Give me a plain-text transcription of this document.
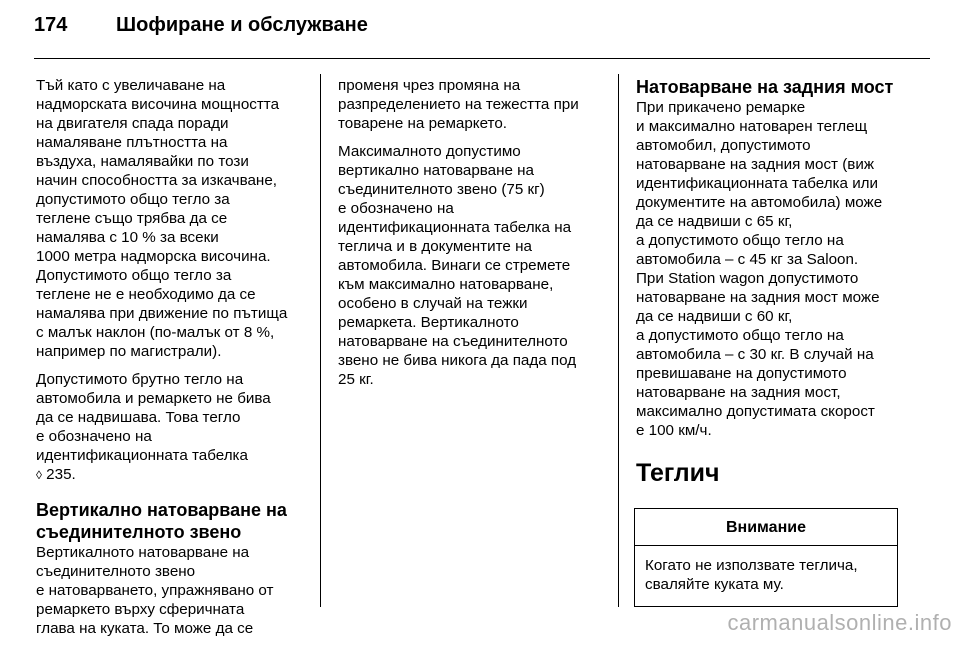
174	Шофиране и обслужване

Тъй като с увеличаване на
надморската височина мощността
на двигателя спада поради
намаляване плътността на
въздуха, намалявайки по този
начин способността за изкачване,
допустимото общо тегло за
теглене също трябва да се
намалява с 10 % за всеки
1000 метра надморска височина.
Допустимото общо тегло за
теглене не е необходимо да се
намалява при движение по пътища
с малък наклон (по-малък от 8 %,
например по магистрали).

Допустимото брутно тегло на
автомобила и ремаркето не бива
да се надвишава. Това тегло
е обозначено на
идентификационната табелка
◊ 235.

Вертикално натоварване на
съединителното звено

Вертикалното натоварване на
съединителното звено
е натоварването, упражнявано от
ремаркето върху сферичната
глава на куката. То може да се

променя чрез промяна на
разпределението на тежестта при
товарене на ремаркето.

Максималното допустимо
вертикално натоварване на
съединителното звено (75 кг)
е обозначено на
идентификационната табелка на
теглича и в документите на
автомобила. Винаги се стремете
към максимално натоварване,
особено в случай на тежки
ремаркета. Вертикалното
натоварване на съединителното
звено не бива никога да пада под
25 кг.

Натоварване на задния мост

При прикачено ремарке
и максимално натоварен теглещ
автомобил, допустимото
натоварване на задния мост (виж
идентификационната табелка или
документите на автомобила) може
да се надвиши с 65 кг,
а допустимото общо тегло на
автомобила – с 45 кг за Saloon.
При Station wagon допустимото
натоварване на задния мост може
да се надвиши с 60 кг,
а допустимото общо тегло на
автомобила – с 30 кг. В случай на
превишаване на допустимото
натоварване на задния мост,
максимално допустимата скорост
е 100 км/ч.

Теглич
Внимание
Когато не използвате теглича,
сваляйте куката му.
carmanualsonline.info
